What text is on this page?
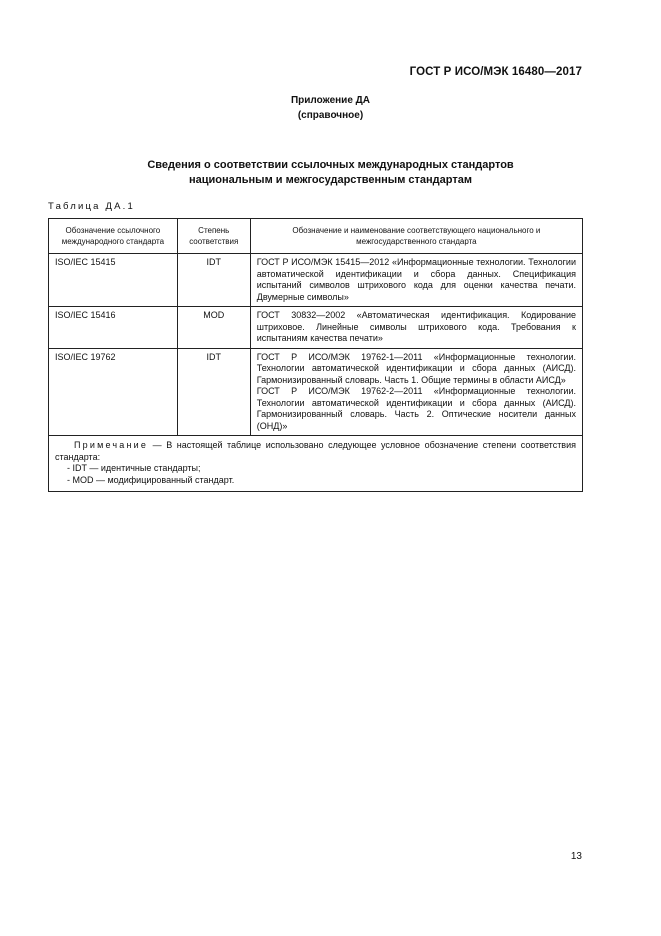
ГОСТ Р ИСО/МЭК 16480—2017
Приложение ДА
(справочное)
Сведения о соответствии ссылочных международных стандартов
национальным и межгосударственным стандартам
Таблица ДА.1
Обозначение ссылочного международного стандарта	Степень соответствия	Обозначение и наименование соответствующего национального и межгосударственного стандарта
ISO/IEC 15415	IDT	ГОСТ Р ИСО/МЭК 15415—2012 «Информационные технологии. Технологии автоматической идентификации и сбора данных. Спецификация испытаний символов штрихового кода для оценки качества печати. Двумерные символы»

ISO/IEC 15416	MOD	ГОСТ 30832—2002 «Автоматическая идентификация. Кодирование штриховое. Линейные символы штрихового кода. Требования к испытаниям качества печати»

ISO/IEC 19762	IDT	ГОСТ Р ИСО/МЭК 19762-1—2011 «Информационные технологии. Технологии автоматической идентификации и сбора данных (АИСД). Гармонизированный словарь. Часть 1. Общие термины в области АИСД»
ГОСТ Р ИСО/МЭК 19762-2—2011 «Информационные технологии. Технологии автоматической идентификации и сбора данных (АИСД). Гармонизированный словарь. Часть 2. Оптические носители данных (ОНД)»

Примечание — В настоящей таблице использовано следующее условное обозначение степени соответствия стандарта:
- IDT — идентичные стандарты;
- MOD — модифицированный стандарт.		
13
